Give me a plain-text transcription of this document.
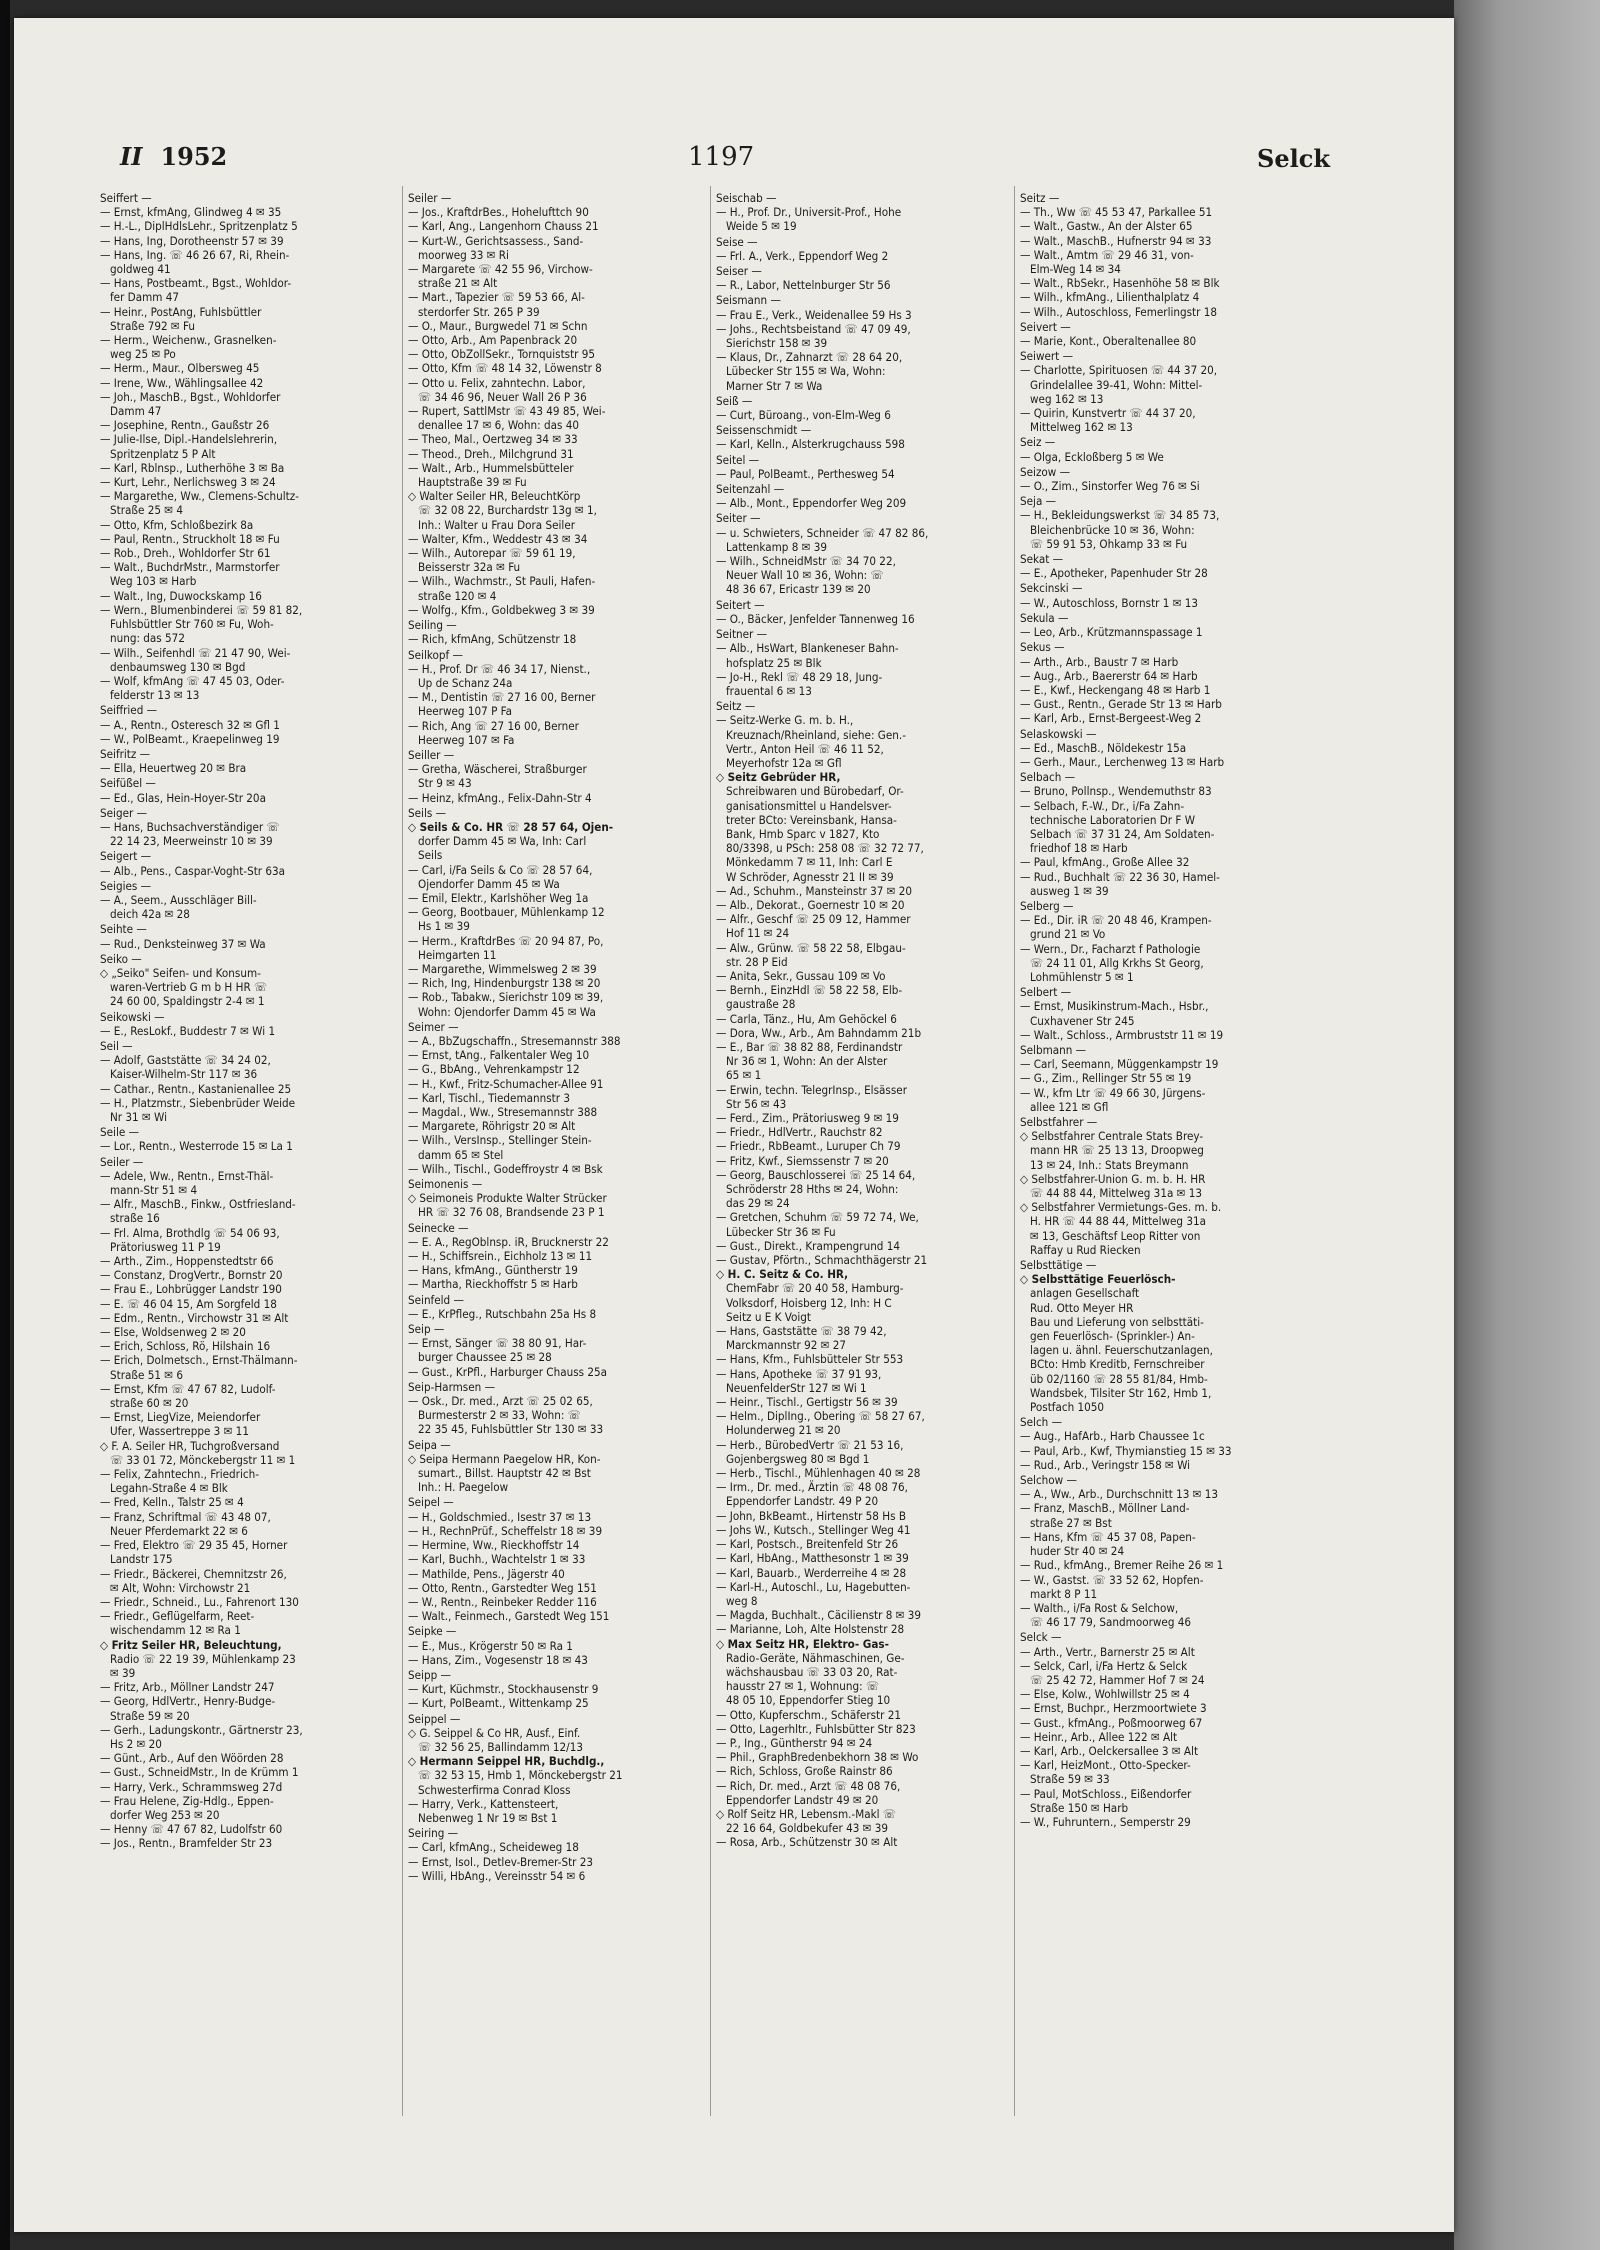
II 1952	1197	Selck
Seiffert —
— Ernst, kfmAng, Glindweg 4 ✉ 35
— H.-L., DiplHdlsLehr., Spritzenplatz 5
— Hans, Ing, Dorotheenstr 57 ✉ 39
— Hans, Ing. ☏ 46 26 67, Ri, Rhein-
goldweg 41
— Hans, Postbeamt., Bgst., Wohldor-
fer Damm 47
— Heinr., PostAng, Fuhlsbüttler
Straße 792 ✉ Fu
— Herm., Weichenw., Grasnelken-
weg 25 ✉ Po
— Herm., Maur., Olbersweg 45
— Irene, Ww., Wählingsallee 42
— Joh., MaschB., Bgst., Wohldorfer
Damm 47
— Josephine, Rentn., Gaußstr 26
— Julie-Ilse, Dipl.-Handelslehrerin,
Spritzenplatz 5 P Alt
— Karl, Rblnsp., Lutherhöhe 3 ✉ Ba
— Kurt, Lehr., Nerlichsweg 3 ✉ 24
— Margarethe, Ww., Clemens-Schultz-
Straße 25 ✉ 4
— Otto, Kfm, Schloßbezirk 8a
— Paul, Rentn., Struckholt 18 ✉ Fu
— Rob., Dreh., Wohldorfer Str 61
— Walt., BuchdrMstr., Marmstorfer
Weg 103 ✉ Harb
— Walt., Ing, Duwockskamp 16
— Wern., Blumenbinderei ☏ 59 81 82,
Fuhlsbüttler Str 760 ✉ Fu, Woh-
nung: das 572
— Wilh., Seifenhdl ☏ 21 47 90, Wei-
denbaumsweg 130 ✉ Bgd
— Wolf, kfmAng ☏ 47 45 03, Oder-
felderstr 13 ✉ 13
Seiffried —
— A., Rentn., Osteresch 32 ✉ Gfl 1
— W., PolBeamt., Kraepelinweg 19
Seifritz —
— Ella, Heuertweg 20 ✉ Bra
Seifüßel —
— Ed., Glas, Hein-Hoyer-Str 20a
Seiger —
— Hans, Buchsachverständiger ☏
22 14 23, Meerweinstr 10 ✉ 39
Seigert —
— Alb., Pens., Caspar-Voght-Str 63a
Seigies —
— A., Seem., Ausschläger Bill-
deich 42a ✉ 28
Seihte —
— Rud., Denksteinweg 37 ✉ Wa
Seiko —
◇ „Seiko" Seifen- und Konsum-
waren-Vertrieb G m b H HR ☏
24 60 00, Spaldingstr 2-4 ✉ 1
Seikowski —
— E., ResLokf., Buddestr 7 ✉ Wi 1
Seil —
— Adolf, Gaststätte ☏ 34 24 02,
Kaiser-Wilhelm-Str 117 ✉ 36
— Cathar., Rentn., Kastanienallee 25
— H., Platzmstr., Siebenbrüder Weide
Nr 31 ✉ Wi
Seile —
— Lor., Rentn., Westerrode 15 ✉ La 1
Seiler —
— Adele, Ww., Rentn., Ernst-Thäl-
mann-Str 51 ✉ 4
— Alfr., MaschB., Finkw., Ostfriesland-
straße 16
— Frl. Alma, Brothdlg ☏ 54 06 93,
Prätoriusweg 11 P 19
— Arth., Zim., Hoppenstedtstr 66
— Constanz, DrogVertr., Bornstr 20
— Frau E., Lohbrügger Landstr 190
— E. ☏ 46 04 15, Am Sorgfeld 18
— Edm., Rentn., Virchowstr 31 ✉ Alt
— Else, Woldsenweg 2 ✉ 20
— Erich, Schloss, Rö, Hilshain 16
— Erich, Dolmetsch., Ernst-Thälmann-
Straße 51 ✉ 6
— Ernst, Kfm ☏ 47 67 82, Ludolf-
straße 60 ✉ 20
— Ernst, LiegVize, Meiendorfer
Ufer, Wassertreppe 3 ✉ 11
◇ F. A. Seiler HR, Tuchgroßversand
☏ 33 01 72, Mönckebergstr 11 ✉ 1
— Felix, Zahntechn., Friedrich-
Legahn-Straße 4 ✉ Blk
— Fred, Kelln., Talstr 25 ✉ 4
— Franz, Schriftmal ☏ 43 48 07,
Neuer Pferdemarkt 22 ✉ 6
— Fred, Elektro ☏ 29 35 45, Horner
Landstr 175
— Friedr., Bäckerei, Chemnitzstr 26,
✉ Alt, Wohn: Virchowstr 21
— Friedr., Schneid., Lu., Fahrenort 130
— Friedr., Geflügelfarm, Reet-
wischendamm 12 ✉ Ra 1
◇ Fritz Seiler HR, Beleuchtung,
Radio ☏ 22 19 39, Mühlenkamp 23
✉ 39
— Fritz, Arb., Möllner Landstr 247
— Georg, HdlVertr., Henry-Budge-
Straße 59 ✉ 20
— Gerh., Ladungskontr., Gärtnerstr 23,
Hs 2 ✉ 20
— Günt., Arb., Auf den Wöörden 28
— Gust., SchneidMstr., In de Krümm 1
— Harry, Verk., Schrammsweg 27d
— Frau Helene, Zig-Hdlg., Eppen-
dorfer Weg 253 ✉ 20
— Henny ☏ 47 67 82, Ludolfstr 60
— Jos., Rentn., Bramfelder Str 23
Seiler —
— Jos., KraftdrBes., Hohelufttch 90
— Karl, Ang., Langenhorn Chauss 21
— Kurt-W., Gerichtsassess., Sand-
moorweg 33 ✉ Ri
— Margarete ☏ 42 55 96, Virchow-
straße 21 ✉ Alt
— Mart., Tapezier ☏ 59 53 66, Al-
sterdorfer Str. 265 P 39
— O., Maur., Burgwedel 71 ✉ Schn
— Otto, Arb., Am Papenbrack 20
— Otto, ObZollSekr., Tornquiststr 95
— Otto, Kfm ☏ 48 14 32, Löwenstr 8
— Otto u. Felix, zahntechn. Labor,
☏ 34 46 96, Neuer Wall 26 P 36
— Rupert, SattlMstr ☏ 43 49 85, Wei-
denallee 17 ✉ 6, Wohn: das 40
— Theo, Mal., Oertzweg 34 ✉ 33
— Theod., Dreh., Milchgrund 31
— Walt., Arb., Hummelsbütteler
Hauptstraße 39 ✉ Fu
◇ Walter Seiler HR, BeleuchtKörp
☏ 32 08 22, Burchardstr 13g ✉ 1,
Inh.: Walter u Frau Dora Seiler
— Walter, Kfm., Weddestr 43 ✉ 34
— Wilh., Autorepar ☏ 59 61 19,
Beisserstr 32a ✉ Fu
— Wilh., Wachmstr., St Pauli, Hafen-
straße 120 ✉ 4
— Wolfg., Kfm., Goldbekweg 3 ✉ 39
Seiling —
— Rich, kfmAng, Schützenstr 18
Seilkopf —
— H., Prof. Dr ☏ 46 34 17, Nienst.,
Up de Schanz 24a
— M., Dentistin ☏ 27 16 00, Berner
Heerweg 107 P Fa
— Rich, Ang ☏ 27 16 00, Berner
Heerweg 107 ✉ Fa
Seiller —
— Gretha, Wäscherei, Straßburger
Str 9 ✉ 43
— Heinz, kfmAng., Felix-Dahn-Str 4
Seils —
◇ Seils & Co. HR ☏ 28 57 64, Ojen-
dorfer Damm 45 ✉ Wa, Inh: Carl
Seils
— Carl, i/Fa Seils & Co ☏ 28 57 64,
Ojendorfer Damm 45 ✉ Wa
— Emil, Elektr., Karlshöher Weg 1a
— Georg, Bootbauer, Mühlenkamp 12
Hs 1 ✉ 39
— Herm., KraftdrBes ☏ 20 94 87, Po,
Heimgarten 11
— Margarethe, Wimmelsweg 2 ✉ 39
— Rich, Ing, Hindenburgstr 138 ✉ 20
— Rob., Tabakw., Sierichstr 109 ✉ 39,
Wohn: Ojendorfer Damm 45 ✉ Wa
Seimer —
— A., BbZugschaffn., Stresemannstr 388
— Ernst, tAng., Falkentaler Weg 10
— G., BbAng., Vehrenkampstr 12
— H., Kwf., Fritz-Schumacher-Allee 91
— Karl, Tischl., Tiedemannstr 3
— Magdal., Ww., Stresemannstr 388
— Margarete, Röhrigstr 20 ✉ Alt
— Wilh., VersInsp., Stellinger Stein-
damm 65 ✉ Stel
— Wilh., Tischl., Godeffroystr 4 ✉ Bsk
Seimonenis —
◇ Seimoneis Produkte Walter Strücker
HR ☏ 32 76 08, Brandsende 23 P 1
Seinecke —
— E. A., RegOblnsp. iR, Brucknerstr 22
— H., Schiffsrein., Eichholz 13 ✉ 11
— Hans, kfmAng., Güntherstr 19
— Martha, Rieckhoffstr 5 ✉ Harb
Seinfeld —
— E., KrPfleg., Rutschbahn 25a Hs 8
Seip —
— Ernst, Sänger ☏ 38 80 91, Har-
burger Chaussee 25 ✉ 28
— Gust., KrPfl., Harburger Chauss 25a
Seip-Harmsen —
— Osk., Dr. med., Arzt ☏ 25 02 65,
Burmesterstr 2 ✉ 33, Wohn: ☏
22 35 45, Fuhlsbüttler Str 130 ✉ 33
Seipa —
◇ Seipa Hermann Paegelow HR, Kon-
sumart., Billst. Hauptstr 42 ✉ Bst
Inh.: H. Paegelow
Seipel —
— H., Goldschmied., Isestr 37 ✉ 13
— H., RechnPrüf., Scheffelstr 18 ✉ 39
— Hermine, Ww., Rieckhoffstr 14
— Karl, Buchh., Wachtelstr 1 ✉ 33
— Mathilde, Pens., Jägerstr 40
— Otto, Rentn., Garstedter Weg 151
— W., Rentn., Reinbeker Redder 116
— Walt., Feinmech., Garstedt Weg 151
Seipke —
— E., Mus., Krögerstr 50 ✉ Ra 1
— Hans, Zim., Vogesenstr 18 ✉ 43
Seipp —
— Kurt, Küchmstr., Stockhausenstr 9
— Kurt, PolBeamt., Wittenkamp 25
Seippel —
◇ G. Seippel & Co HR, Ausf., Einf.
☏ 32 56 25, Ballindamm 12/13
◇ Hermann Seippel HR, Buchdlg.,
☏ 32 53 15, Hmb 1, Mönckebergstr 21
Schwesterfirma Conrad Kloss
— Harry, Verk., Kattensteert,
Nebenweg 1 Nr 19 ✉ Bst 1
Seiring —
— Carl, kfmAng., Scheideweg 18
— Ernst, Isol., Detlev-Bremer-Str 23
— Willi, HbAng., Vereinsstr 54 ✉ 6
Seischab —
— H., Prof. Dr., Universit-Prof., Hohe
Weide 5 ✉ 19
Seise —
— Frl. A., Verk., Eppendorf Weg 2
Seiser —
— R., Labor, Nettelnburger Str 56
Seismann —
— Frau E., Verk., Weidenallee 59 Hs 3
— Johs., Rechtsbeistand ☏ 47 09 49,
Sierichstr 158 ✉ 39
— Klaus, Dr., Zahnarzt ☏ 28 64 20,
Lübecker Str 155 ✉ Wa, Wohn:
Marner Str 7 ✉ Wa
Seiß —
— Curt, Büroang., von-Elm-Weg 6
Seissenschmidt —
— Karl, Kelln., Alsterkrugchauss 598
Seitel —
— Paul, PolBeamt., Perthesweg 54
Seitenzahl —
— Alb., Mont., Eppendorfer Weg 209
Seiter —
— u. Schwieters, Schneider ☏ 47 82 86,
Lattenkamp 8 ✉ 39
— Wilh., SchneidMstr ☏ 34 70 22,
Neuer Wall 10 ✉ 36, Wohn: ☏
48 36 67, Ericastr 139 ✉ 20
Seitert —
— O., Bäcker, Jenfelder Tannenweg 16
Seitner —
— Alb., HsWart, Blankeneser Bahn-
hofsplatz 25 ✉ Blk
— Jo-H., Rekl ☏ 48 29 18, Jung-
frauental 6 ✉ 13
Seitz —
— Seitz-Werke G. m. b. H.,
Kreuznach/Rheinland, siehe: Gen.-
Vertr., Anton Heil ☏ 46 11 52,
Meyerhofstr 12a ✉ Gfl
◇ Seitz Gebrüder HR,
Schreibwaren und Bürobedarf, Or-
ganisationsmittel u Handelsver-
treter BCto: Vereinsbank, Hansa-
Bank, Hmb Sparc v 1827, Kto
80/3398, u PSch: 258 08 ☏ 32 72 77,
Mönkedamm 7 ✉ 11, Inh: Carl E
W Schröder, Agnesstr 21 II ✉ 39
— Ad., Schuhm., Mansteinstr 37 ✉ 20
— Alb., Dekorat., Goernestr 10 ✉ 20
— Alfr., Geschf ☏ 25 09 12, Hammer
Hof 11 ✉ 24
— Alw., Grünw. ☏ 58 22 58, Elbgau-
str. 28 P Eid
— Anita, Sekr., Gussau 109 ✉ Vo
— Bernh., EinzHdl ☏ 58 22 58, Elb-
gaustraße 28
— Carla, Tänz., Hu, Am Gehöckel 6
— Dora, Ww., Arb., Am Bahndamm 21b
— E., Bar ☏ 38 82 88, Ferdinandstr
Nr 36 ✉ 1, Wohn: An der Alster
65 ✉ 1
— Erwin, techn. TelegrInsp., Elsässer
Str 56 ✉ 43
— Ferd., Zim., Prätoriusweg 9 ✉ 19
— Friedr., HdlVertr., Rauchstr 82
— Friedr., RbBeamt., Luruper Ch 79
— Fritz, Kwf., Siemssenstr 7 ✉ 20
— Georg, Bauschlosserei ☏ 25 14 64,
Schröderstr 28 Hths ✉ 24, Wohn:
das 29 ✉ 24
— Gretchen, Schuhm ☏ 59 72 74, We,
Lübecker Str 36 ✉ Fu
— Gust., Direkt., Krampengrund 14
— Gustav, Pförtn., Schmachthägerstr 21
◇ H. C. Seitz & Co. HR,
ChemFabr ☏ 20 40 58, Hamburg-
Volksdorf, Hoisberg 12, Inh: H C
Seitz u E K Voigt
— Hans, Gaststätte ☏ 38 79 42,
Marckmannstr 92 ✉ 27
— Hans, Kfm., Fuhlsbütteler Str 553
— Hans, Apotheke ☏ 37 91 93,
NeuenfelderStr 127 ✉ Wi 1
— Heinr., Tischl., Gertigstr 56 ✉ 39
— Helm., DiplIng., Obering ☏ 58 27 67,
Holunderweg 21 ✉ 20
— Herb., BürobedVertr ☏ 21 53 16,
Gojenbergsweg 80 ✉ Bgd 1
— Herb., Tischl., Mühlenhagen 40 ✉ 28
— Irm., Dr. med., Ärztin ☏ 48 08 76,
Eppendorfer Landstr. 49 P 20
— John, BkBeamt., Hirtenstr 58 Hs B
— Johs W., Kutsch., Stellinger Weg 41
— Karl, Postsch., Breitenfeld Str 26
— Karl, HbAng., Matthesonstr 1 ✉ 39
— Karl, Bauarb., Werderreihe 4 ✉ 28
— Karl-H., Autoschl., Lu, Hagebutten-
weg 8
— Magda, Buchhalt., Cäcilienstr 8 ✉ 39
— Marianne, Loh, Alte Holstenstr 28
◇ Max Seitz HR, Elektro- Gas-
Radio-Geräte, Nähmaschinen, Ge-
wächshausbau ☏ 33 03 20, Rat-
hausstr 27 ✉ 1, Wohnung: ☏
48 05 10, Eppendorfer Stieg 10
— Otto, Kupferschm., Schäferstr 21
— Otto, Lagerhltr., Fuhlsbütter Str 823
— P., Ing., Güntherstr 94 ✉ 24
— Phil., GraphBredenbekhorn 38 ✉ Wo
— Rich, Schloss, Große Rainstr 86
— Rich, Dr. med., Arzt ☏ 48 08 76,
Eppendorfer Landstr 49 ✉ 20
◇ Rolf Seitz HR, Lebensm.-Makl ☏
22 16 64, Goldbekufer 43 ✉ 39
— Rosa, Arb., Schützenstr 30 ✉ Alt
Seitz —
— Th., Ww ☏ 45 53 47, Parkallee 51
— Walt., Gastw., An der Alster 65
— Walt., MaschB., Hufnerstr 94 ✉ 33
— Walt., Amtm ☏ 29 46 31, von-
Elm-Weg 14 ✉ 34
— Walt., RbSekr., Hasenhöhe 58 ✉ Blk
— Wilh., kfmAng., Lilienthalplatz 4
— Wilh., Autoschloss, Femerlingstr 18
Seivert —
— Marie, Kont., Oberaltenallee 80
Seiwert —
— Charlotte, Spirituosen ☏ 44 37 20,
Grindelallee 39-41, Wohn: Mittel-
weg 162 ✉ 13
— Quirin, Kunstvertr ☏ 44 37 20,
Mittelweg 162 ✉ 13
Seiz —
— Olga, Eckloßberg 5 ✉ We
Seizow —
— O., Zim., Sinstorfer Weg 76 ✉ Si
Seja —
— H., Bekleidungswerkst ☏ 34 85 73,
Bleichenbrücke 10 ✉ 36, Wohn:
☏ 59 91 53, Ohkamp 33 ✉ Fu
Sekat —
— E., Apotheker, Papenhuder Str 28
Sekcinski —
— W., Autoschloss, Bornstr 1 ✉ 13
Sekula —
— Leo, Arb., Krützmannspassage 1
Sekus —
— Arth., Arb., Baustr 7 ✉ Harb
— Aug., Arb., Baererstr 64 ✉ Harb
— E., Kwf., Heckengang 48 ✉ Harb 1
— Gust., Rentn., Gerade Str 13 ✉ Harb
— Karl, Arb., Ernst-Bergeest-Weg 2
Selaskowski —
— Ed., MaschB., Nöldekestr 15a
— Gerh., Maur., Lerchenweg 13 ✉ Harb
Selbach —
— Bruno, Pollnsp., Wendemuthstr 83
— Selbach, F.-W., Dr., i/Fa Zahn-
technische Laboratorien Dr F W
Selbach ☏ 37 31 24, Am Soldaten-
friedhof 18 ✉ Harb
— Paul, kfmAng., Große Allee 32
— Rud., Buchhalt ☏ 22 36 30, Hamel-
ausweg 1 ✉ 39
Selberg —
— Ed., Dir. iR ☏ 20 48 46, Krampen-
grund 21 ✉ Vo
— Wern., Dr., Facharzt f Pathologie
☏ 24 11 01, Allg Krkhs St Georg,
Lohmühlenstr 5 ✉ 1
Selbert —
— Ernst, Musikinstrum-Mach., Hsbr.,
Cuxhavener Str 245
— Walt., Schloss., Armbruststr 11 ✉ 19
Selbmann —
— Carl, Seemann, Müggenkampstr 19
— G., Zim., Rellinger Str 55 ✉ 19
— W., kfm Ltr ☏ 49 66 30, Jürgens-
allee 121 ✉ Gfl
Selbstfahrer —
◇ Selbstfahrer Centrale Stats Brey-
mann HR ☏ 25 13 13, Droopweg
13 ✉ 24, Inh.: Stats Breymann
◇ Selbstfahrer-Union G. m. b. H. HR
☏ 44 88 44, Mittelweg 31a ✉ 13
◇ Selbstfahrer Vermietungs-Ges. m. b.
H. HR ☏ 44 88 44, Mittelweg 31a
✉ 13, Geschäftsf Leop Ritter von
Raffay u Rud Riecken
Selbsttätige —
◇ Selbsttätige Feuerlösch-
anlagen Gesellschaft
Rud. Otto Meyer HR
Bau und Lieferung von selbsttäti-
gen Feuerlösch- (Sprinkler-) An-
lagen u. ähnl. Feuerschutzanlagen,
BCto: Hmb Kreditb, Fernschreiber
üb 02/1160 ☏ 28 55 81/84, Hmb-
Wandsbek, Tilsiter Str 162, Hmb 1,
Postfach 1050
Selch —
— Aug., HafArb., Harb Chaussee 1c
— Paul, Arb., Kwf, Thymianstieg 15 ✉ 33
— Rud., Arb., Veringstr 158 ✉ Wi
Selchow —
— A., Ww., Arb., Durchschnitt 13 ✉ 13
— Franz, MaschB., Möllner Land-
straße 27 ✉ Bst
— Hans, Kfm ☏ 45 37 08, Papen-
huder Str 40 ✉ 24
— Rud., kfmAng., Bremer Reihe 26 ✉ 1
— W., Gastst. ☏ 33 52 62, Hopfen-
markt 8 P 11
— Walth., i/Fa Rost & Selchow,
☏ 46 17 79, Sandmoorweg 46
Selck —
— Arth., Vertr., Barnerstr 25 ✉ Alt
— Selck, Carl, i/Fa Hertz & Selck
☏ 25 42 72, Hammer Hof 7 ✉ 24
— Else, Kolw., Wohlwillstr 25 ✉ 4
— Ernst, Buchpr., Herzmoortwiete 3
— Gust., kfmAng., Poßmoorweg 67
— Heinr., Arb., Allee 122 ✉ Alt
— Karl, Arb., Oelckersallee 3 ✉ Alt
— Karl, HeizMont., Otto-Specker-
Straße 59 ✉ 33
— Paul, MotSchloss., Eißendorfer
Straße 150 ✉ Harb
— W., Fuhruntern., Semperstr 29
